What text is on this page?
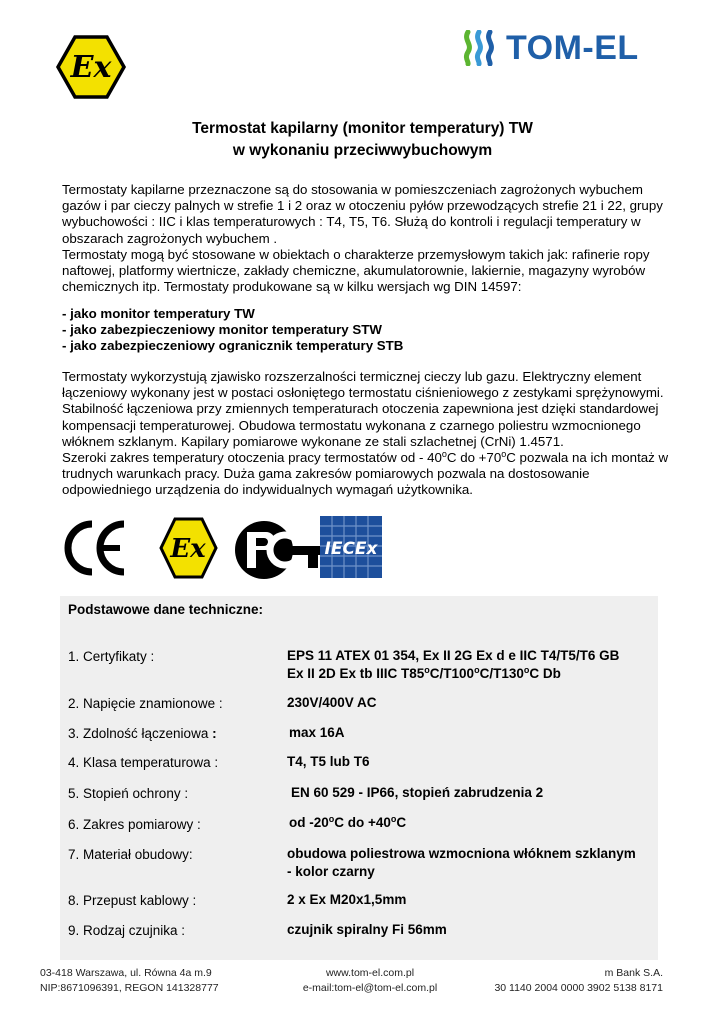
Ex
TOM-EL
Termostat kapilarny (monitor temperatury) TW
w wykonaniu przeciwwybuchowym

Termostaty kapilarne przeznaczone są do stosowania w pomieszczeniach zagrożonych wybuchem gazów i par cieczy palnych w strefie 1 i 2 oraz w otoczeniu pyłów przewodzących strefie 21 i 22, grupy wybuchowości : IIC i klas temperaturowych : T4, T5, T6. Służą do kontroli i regulacji temperatury w obszarach zagrożonych wybuchem .

Termostaty mogą być stosowane w obiektach o charakterze przemysłowym takich jak: rafinerie ropy naftowej, platformy wiertnicze, zakłady chemiczne, akumulatorownie, lakiernie, magazyny wyrobów chemicznych itp. Termostaty produkowane są w kilku wersjach wg DIN 14597:

- jako monitor temperatury TW
- jako zabezpieczeniowy monitor temperatury STW
- jako zabezpieczeniowy ogranicznik temperatury STB

Termostaty wykorzystują zjawisko rozszerzalności termicznej cieczy lub gazu. Elektryczny element łączeniowy wykonany jest w postaci osłoniętego termostatu ciśnieniowego z zestykami sprężynowymi. Stabilność łączeniowa przy zmiennych temperaturach otoczenia zapewniona jest dzięki standardowej kompensacji temperaturowej. Obudowa termostatu wykonana z czarnego poliestru wzmocnionego włóknem szklanym. Kapilary pomiarowe wykonane ze stali szlachetnej (CrNi) 1.4571.

Szeroki zakres temperatury otoczenia pracy termostatów od - 40$^o$C do $+70^oC$ pozwala na ich montaż w trudnych warunkach pracy. Duża gama zakresów pomiarowych pozwala na dostosowanie odpowiedniego urządzenia do indywidualnych wymagań użytkownika.

Ex	IECEx
Podstawowe dane techniczne:
1. Certyfikaty :	EPS 11 ATEX 01 354, Ex II 2G Ex d e IIC T4/T5/T6 GB
Ex II 2D Ex tb IIIC T85$^o$C/T100$^o$C/T130$^o$C Db
2. Napięcie znamionowe :	230V/400V AC
3. Zdolność łączeniowa :	max 16A
4. Klasa temperaturowa :	T4, T5 lub T6
5. Stopień ochrony :	EN 60 529 - IP66, stopień zabrudzenia 2
6. Zakres pomiarowy :	od -20$^o$C do $+40^oC$
7. Materiał obudowy:	obudowa poliestrowa wzmocniona włóknem szklanym
- kolor czarny
8. Przepust kablowy :	2 x Ex M20x1,5mm
9. Rodzaj czujnika :	czujnik spiralny Fi 56mm
03-418 Warszawa, ul. Równa 4a m.9
NIP:8671096391, REGON 141328777
www.tom-el.com.pl
e-mail:tom-el@tom-el.com.pl
m Bank S.A.
30 1140 2004 0000 3902 5138 8171
